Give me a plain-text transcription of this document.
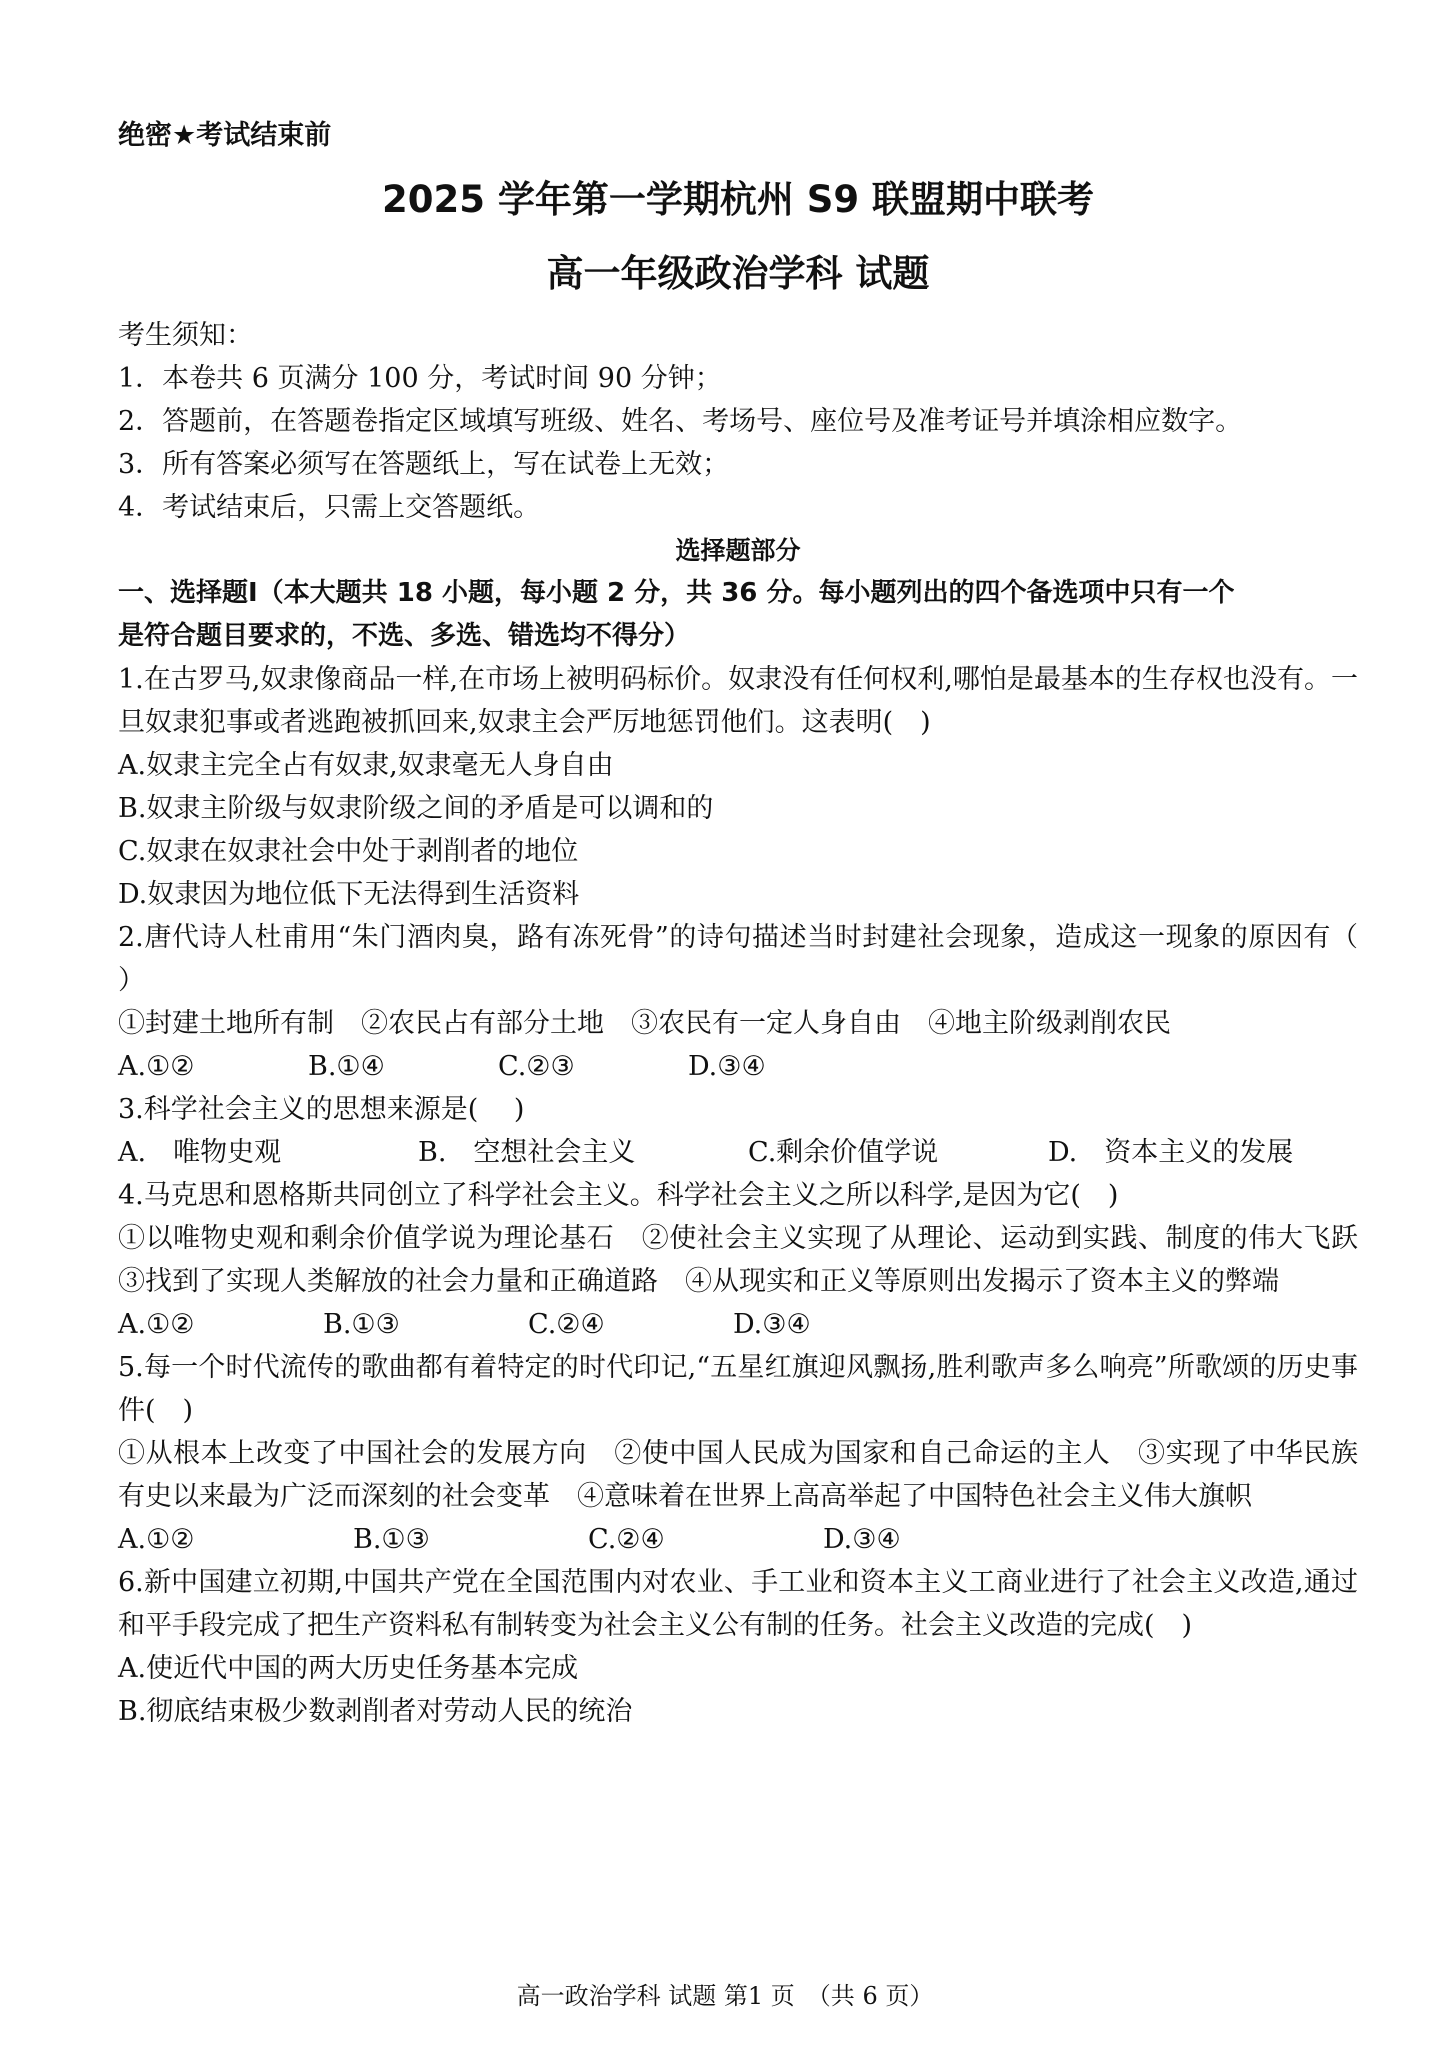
绝密★考试结束前
2025 学年第一学期杭州 S9 联盟期中联考
高一年级政治学科 试题
考生须知：
1．本卷共 6 页满分 100 分，考试时间 90 分钟；
2．答题前，在答题卷指定区域填写班级、姓名、考场号、座位号及准考证号并填涂相应数字。
3．所有答案必须写在答题纸上，写在试卷上无效；
4．考试结束后，只需上交答题纸。
选择题部分
一、选择题Ⅰ（本大题共 18 小题，每小题 2 分，共 36 分。每小题列出的四个备选项中只有一个
是符合题目要求的，不选、多选、错选均不得分）
1.在古罗马,奴隶像商品一样,在市场上被明码标价。奴隶没有任何权利,哪怕是最基本的生存权也没有。一旦奴隶犯事或者逃跑被抓回来,奴隶主会严厉地惩罚他们。这表明(　)
A.奴隶主完全占有奴隶,奴隶毫无人身自由
B.奴隶主阶级与奴隶阶级之间的矛盾是可以调和的
C.奴隶在奴隶社会中处于剥削者的地位
D.奴隶因为地位低下无法得到生活资料
2.唐代诗人杜甫用“朱门酒肉臭，路有冻死骨”的诗句描述当时封建社会现象，造成这一现象的原因有（　 ）
①封建土地所有制　②农民占有部分土地　③农民有一定人身自由　④地主阶级剥削农民
A.①②	B.①④	C.②③	D.③④
3.科学社会主义的思想来源是(　 )
A.　唯物史观	B.　空想社会主义	C.剩余价值学说	D.　资本主义的发展
4.马克思和恩格斯共同创立了科学社会主义。科学社会主义之所以科学,是因为它(　)
①以唯物史观和剩余价值学说为理论基石　②使社会主义实现了从理论、运动到实践、制度的伟大飞跃　③找到了实现人类解放的社会力量和正确道路　④从现实和正义等原则出发揭示了资本主义的弊端
A.①②	B.①③	C.②④	D.③④
5.每一个时代流传的歌曲都有着特定的时代印记,“五星红旗迎风飘扬,胜利歌声多么响亮”所歌颂的历史事件(　)
①从根本上改变了中国社会的发展方向　②使中国人民成为国家和自己命运的主人　③实现了中华民族有史以来最为广泛而深刻的社会变革　④意味着在世界上高高举起了中国特色社会主义伟大旗帜
A.①②	B.①③	C.②④	D.③④
6.新中国建立初期,中国共产党在全国范围内对农业、手工业和资本主义工商业进行了社会主义改造,通过和平手段完成了把生产资料私有制转变为社会主义公有制的任务。社会主义改造的完成(　)
A.使近代中国的两大历史任务基本完成
B.彻底结束极少数剥削者对劳动人民的统治
高一政治学科 试题 第1 页　（共 6 页）
